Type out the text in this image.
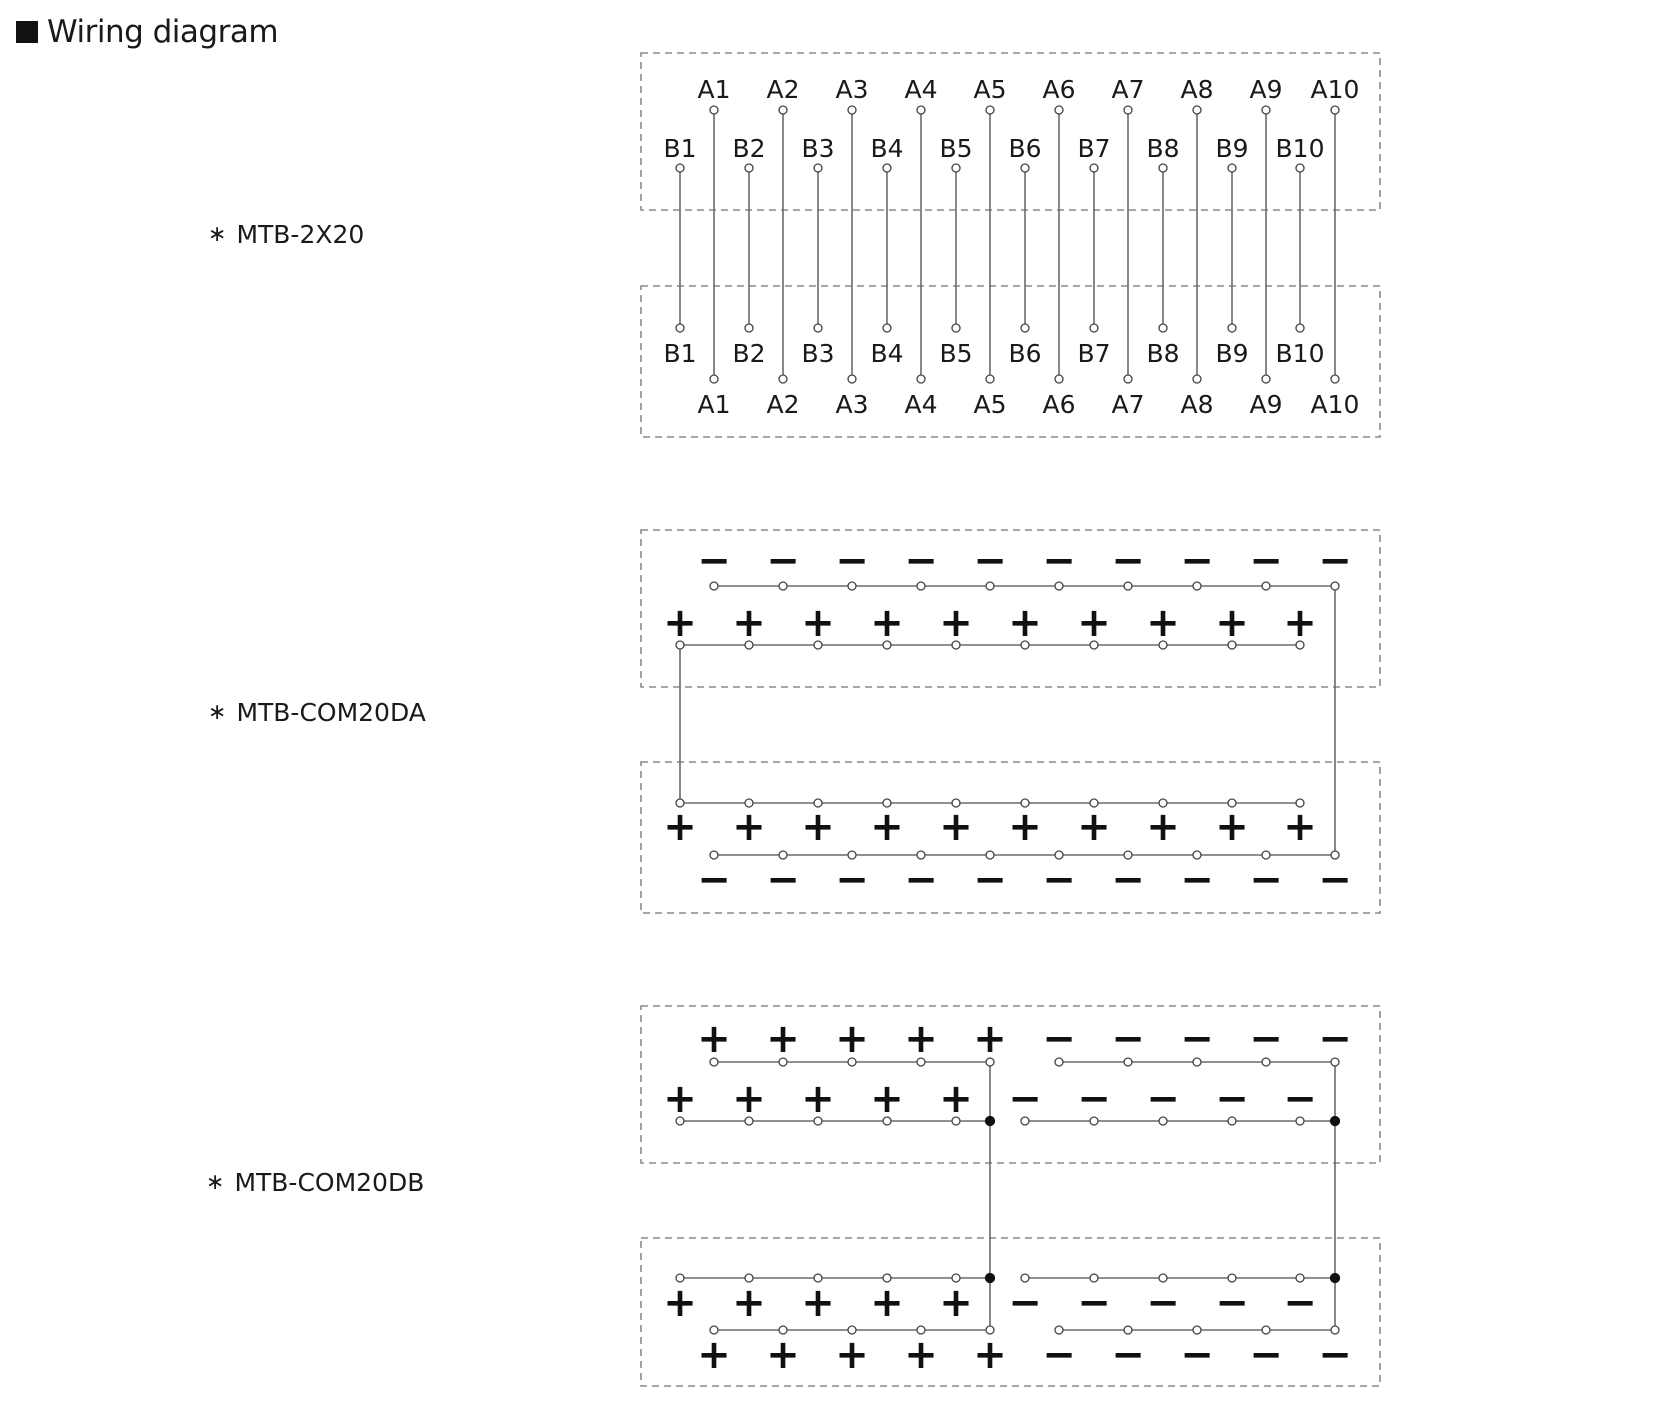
Wiring diagram
∗ MTB-2X20
∗ MTB-COM20DA
∗ MTB-COM20DB
A1
B1
B1
A1
A2
B2
B2
A2
A3
B3
B3
A3
A4
B4
B4
A4
A5
B5
B5
A5
A6
B6
B6
A6
A7
B7
B7
A7
A8
B8
B8
A8
A9
B9
B9
A9
A10
B10
B10
A10
−
+
+
−
−
+
+
−
−
+
+
−
−
+
+
−
−
+
+
−
−
+
+
−
−
+
+
−
−
+
+
−
−
+
+
−
−
+
+
−
+
+
+
+
+
+
+
+
+
+
+
+
+
+
+
+
+
+
+
+
−
−
−
−
−
−
−
−
−
−
−
−
−
−
−
−
−
−
−
−
